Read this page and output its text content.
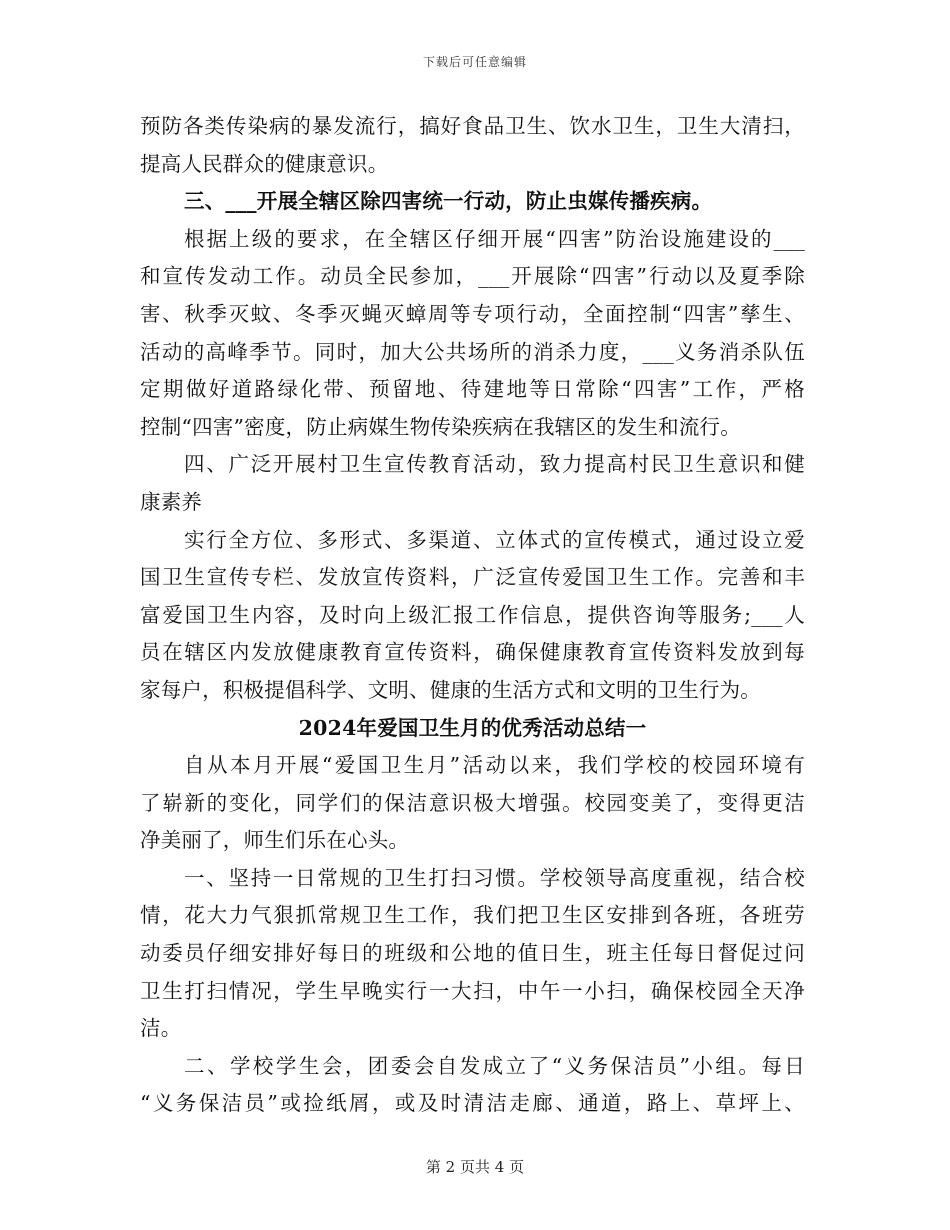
下载后可任意编辑
预防各类传染病的暴发流行，搞好食品卫生、饮水卫生，卫生大清扫，
提高人民群众的健康意识。
三、___开展全辖区除四害统一行动，防止虫媒传播疾病。
根据上级的要求，在全辖区仔细开展“四害”防治设施建设的___
和宣传发动工作。动员全民参加，___开展除“四害”行动以及夏季除
害、秋季灭蚊、冬季灭蝇灭蟑周等专项行动，全面控制“四害”孳生、
活动的高峰季节。同时，加大公共场所的消杀力度，___义务消杀队伍
定期做好道路绿化带、预留地、待建地等日常除“四害”工作，严格
控制“四害”密度，防止病媒生物传染疾病在我辖区的发生和流行。
四、广泛开展村卫生宣传教育活动，致力提高村民卫生意识和健
康素养
实行全方位、多形式、多渠道、立体式的宣传模式，通过设立爱
国卫生宣传专栏、发放宣传资料，广泛宣传爱国卫生工作。完善和丰
富爱国卫生内容，及时向上级汇报工作信息，提供咨询等服务;___人
员在辖区内发放健康教育宣传资料，确保健康教育宣传资料发放到每
家每户，积极提倡科学、文明、健康的生活方式和文明的卫生行为。
2024年爱国卫生月的优秀活动总结一
自从本月开展“爱国卫生月”活动以来，我们学校的校园环境有
了崭新的变化，同学们的保洁意识极大增强。校园变美了，变得更洁
净美丽了，师生们乐在心头。
一、坚持一日常规的卫生打扫习惯。学校领导高度重视，结合校
情，花大力气狠抓常规卫生工作，我们把卫生区安排到各班，各班劳
动委员仔细安排好每日的班级和公地的值日生，班主任每日督促过问
卫生打扫情况，学生早晚实行一大扫，中午一小扫，确保校园全天净
洁。
二、学校学生会，团委会自发成立了“义务保洁员”小组。每日
“义务保洁员”或捡纸屑，或及时清洁走廊、通道，路上、草坪上、
第 2 页共 4 页
